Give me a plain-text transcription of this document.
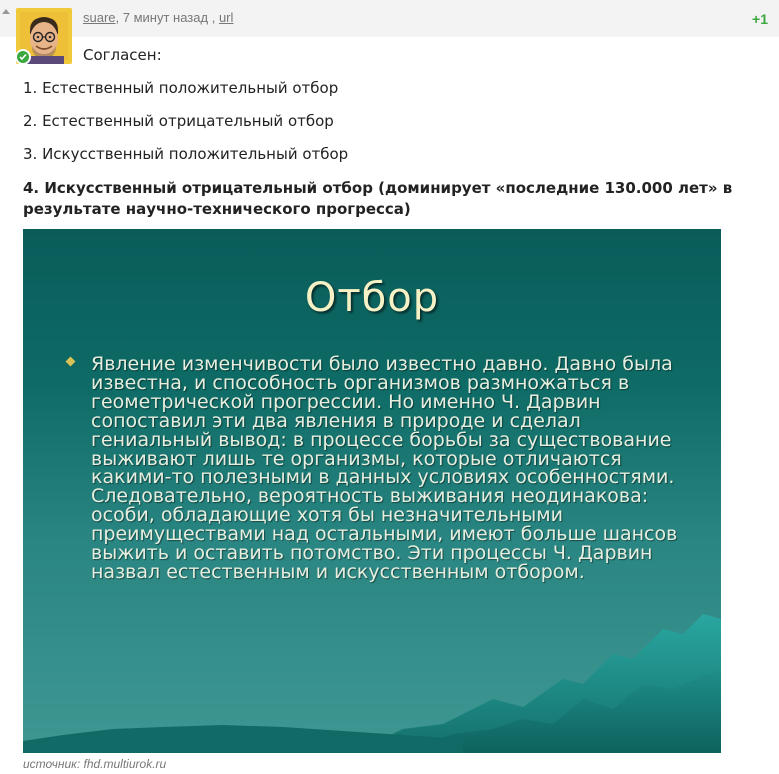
suare, 7 минут назад , url	+1
Согласен:
1. Естественный положительный отбор
2. Естественный отрицательный отбор
3. Искусственный положительный отбор
4. Искусственный отрицательный отбор (доминирует «последние 130.000 лет» в результате научно-технического прогресса)
Отбор
Явление изменчивости было известно давно. Давно была известна, и способность организмов размножаться в геометрической прогрессии. Но именно Ч. Дарвин сопоставил эти два явления в природе и сделал гениальный вывод: в процессе борьбы за существование выживают лишь те организмы, которые отличаются какими-то полезными в данных условиях особенностями. Следовательно, вероятность выживания неодинакова: особи, обладающие хотя бы незначительными преимуществами над остальными, имеют больше шансов выжить и оставить потомство. Эти процессы Ч. Дарвин назвал естественным и искусственным отбором.
источник: fhd.multiurok.ru
